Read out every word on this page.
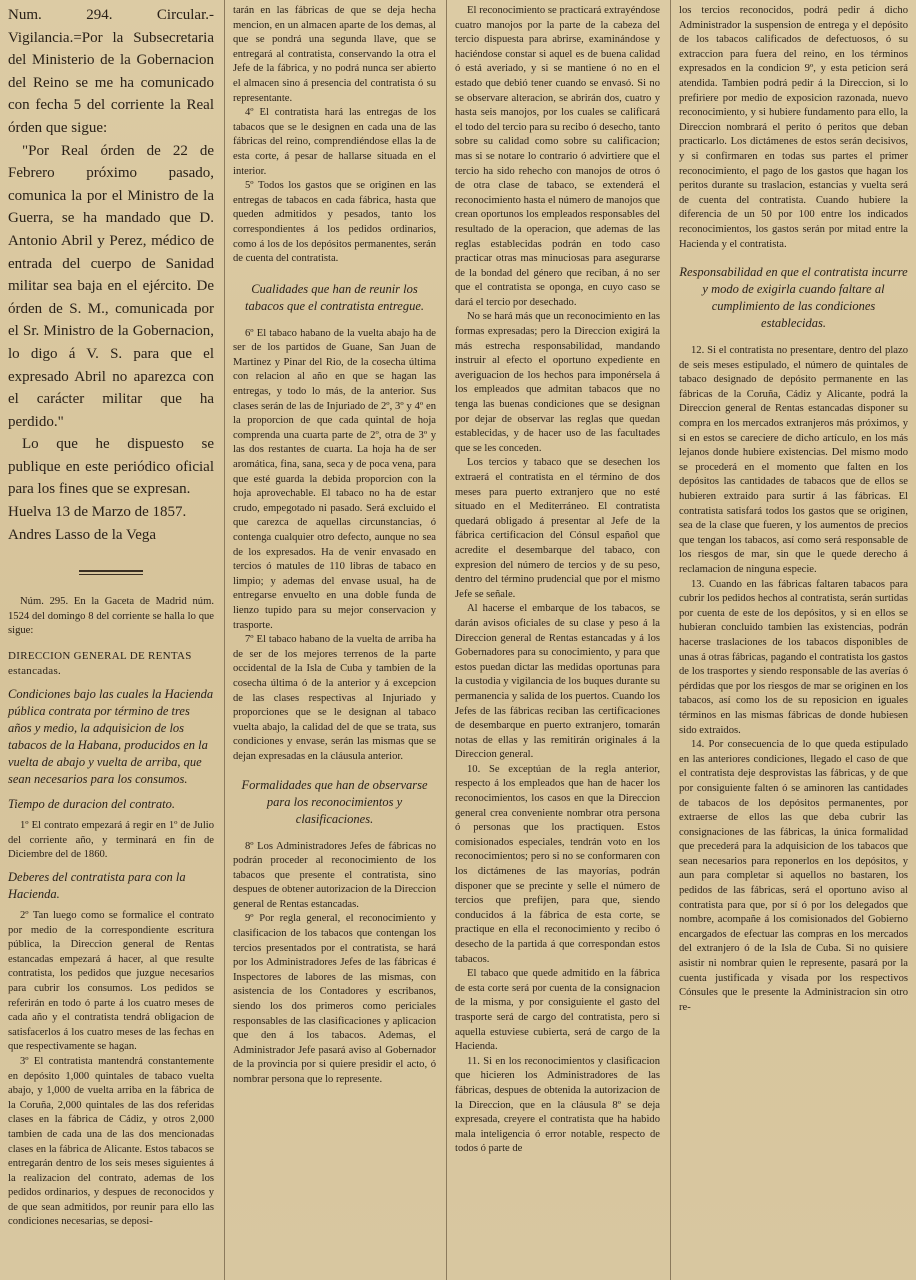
Num. 294. Circular.-Vigilancia.=Por la Subsecretaria del Ministerio de la Gobernacion del Reino se me ha comunicado con fecha 5 del corriente la Real órden que sigue:

"Por Real órden de 22 de Febrero próximo pasado, comunica la por el Ministro de la Guerra, se ha mandado que D. Antonio Abril y Perez, médico de entrada del cuerpo de Sanidad militar sea baja en el ejército. De órden de S. M., comunicada por el Sr. Ministro de la Gobernacion, lo digo á V. S. para que el expresado Abril no aparezca con el carácter militar que ha perdido."

Lo que he dispuesto se publique en este periódico oficial para los fines que se expresan.

Huelva 13 de Marzo de 1857.
Andres Lasso de la Vega

Núm. 295. En la Gaceta de Madrid núm. 1524 del domingo 8 del corriente se halla lo que sigue:

DIRECCION GENERAL DE RENTAS estancadas.

Condiciones bajo las cuales la Hacienda pública contrata por término de tres años y medio, la adquisicion de los tabacos de la Habana, producidos en la vuelta de abajo y vuelta de arriba, que sean necesarios para los consumos.

Tiempo de duracion del contrato.

1º El contrato empezará á regir en 1º de Julio del corriente año, y terminará en fin de Diciembre del de 1860.

Deberes del contratista para con la Hacienda.

2º Tan luego como se formalice el contrato por medio de la correspondiente escritura pública, la Direccion general de Rentas estancadas empezará á hacer, al que resulte contratista, los pedidos que juzgue necesarios para cubrir los consumos. Los pedidos se referirán en todo ó parte á los cuatro meses de cada año y el contratista tendrá obligacion de satisfacerlos á los cuatro meses de las fechas en que respectivamente se hagan.

3º El contratista mantendrá constantemente en depósito 1,000 quintales de tabaco vuelta abajo, y 1,000 de vuelta arriba en la fábrica de la Coruña, 2,000 quintales de las dos referidas clases en la fábrica de Cádiz, y otros 2,000 tambien de cada una de las dos mencionadas clases en la fábrica de Alicante. Estos tabacos se entregarán dentro de los seis meses siguientes á la realizacion del contrato, ademas de los pedidos ordinarios, y despues de reconocidos y de que sean admitidos, por reunir para ello las condiciones necesarias, se deposi-

tarán en las fábricas de que se deja hecha mencion, en un almacen aparte de los demas, al que se pondrá una segunda llave, que se entregará al contratista, conservando la otra el Jefe de la fábrica, y no podrá nunca ser abierto el almacen sino á presencia del contratista ó su representante.

4º El contratista hará las entregas de los tabacos que se le designen en cada una de las fábricas del reino, comprendiéndose ellas la de esta corte, á pesar de hallarse situada en el interior.

5º Todos los gastos que se originen en las entregas de tabacos en cada fábrica, hasta que queden admitidos y pesados, tanto los correspondientes á los pedidos ordinarios, como á los de los depósitos permanentes, serán de cuenta del contratista.

Cualidades que han de reunir los tabacos que el contratista entregue.

6º El tabaco habano de la vuelta abajo ha de ser de los partidos de Guane, San Juan de Martinez y Pinar del Rio, de la cosecha última con relacion al año en que se hagan las entregas, y todo lo más, de la anterior. Sus clases serán de las de Injuriado de 2º, 3º y 4º en la proporcion de que cada quintal de hoja comprenda una cuarta parte de 2º, otra de 3º y las dos restantes de cuarta. La hoja ha de ser aromática, fina, sana, seca y de poca vena, para que esté guarda la debida proporcion con la hoja aprovechable. El tabaco no ha de estar crudo, empegotado ni pasado. Será excluido el que carezca de aquellas circunstancias, ó contenga cualquier otro defecto, aunque no sea de los expresados. Ha de venir envasado en tercios ó matules de 110 libras de tabaco en limpio; y ademas del envase usual, ha de entregarse envuelto en una doble funda de lienzo tupido para su mejor conservacion y trasporte.

7º El tabaco habano de la vuelta de arriba ha de ser de los mejores terrenos de la parte occidental de la Isla de Cuba y tambien de la cosecha última ó de la anterior y á excepcion de las clases respectivas al Injuriado y proporciones que se le designan al tabaco vuelta abajo, la calidad del de que se trata, sus condiciones y envase, serán las mismas que se dejan expresadas en la cláusula anterior.

Formalidades que han de observarse para los reconocimientos y clasificaciones.

8º Los Administradores Jefes de fábricas no podrán proceder al reconocimiento de los tabacos que presente el contratista, sino despues de obtener autorizacion de la Direccion general de Rentas estancadas.

9º Por regla general, el reconocimiento y clasificacion de los tabacos que contengan los tercios presentados por el contratista, se hará por los Administradores Jefes de las fábricas é Inspectores de labores de las mismas, con asistencia de los Contadores y escribanos, siendo los dos primeros como periciales responsables de las clasificaciones y aplicacion que den á los tabacos. Ademas, el Administrador Jefe pasará aviso al Gobernador de la provincia por si quiere presidir el acto, ó nombrar persona que lo represente.

El reconocimiento se practicará extrayéndose cuatro manojos por la parte de la cabeza del tercio dispuesta para abrirse, examinándose y haciéndose constar si aquel es de buena calidad ó está averiado, y si se mantiene ó no en el estado que debió tener cuando se envasó. Si no se observare alteracion, se abrirán dos, cuatro y hasta seis manojos, por los cuales se calificará el todo del tercio para su recibo ó desecho, tanto sobre su calidad como sobre su calificacion; mas si se notare lo contrario ó advirtiere que el tercio ha sido rehecho con manojos de otros ó de otra clase de tabaco, se extenderá el reconocimiento hasta el número de manojos que crean oportunos los empleados responsables del resultado de la operacion, que ademas de las reglas establecidas podrán en todo caso practicar otras mas minuciosas para asegurarse de la bondad del género que reciban, á no ser que el contratista se oponga, en cuyo caso se dará el tercio por desechado.

No se hará más que un reconocimiento en las formas expresadas; pero la Direccion exigirá la más estrecha responsabilidad, mandando instruir al efecto el oportuno expediente en averiguacion de los hechos para imponérsela á los empleados que admitan tabacos que no tenga las buenas condiciones que se designan por dejar de observar las reglas que quedan establecidas, y de hacer uso de las facultades que se les conceden.

Los tercios y tabaco que se desechen los extraerá el contratista en el término de dos meses para puerto extranjero que no esté situado en el Mediterráneo. El contratista quedará obligado á presentar al Jefe de la fábrica certificacion del Cónsul español que acredite el desembarque del tabaco, con expresion del número de tercios y de su peso, dentro del término prudencial que por el mismo Jefe se señale.

Al hacerse el embarque de los tabacos, se darán avisos oficiales de su clase y peso á la Direccion general de Rentas estancadas y á los Gobernadores para su conocimiento, y para que estos puedan dictar las medidas oportunas para la custodia y vigilancia de los buques durante su permanencia y salida de los puertos. Cuando los Jefes de las fábricas reciban las certificaciones de desembarque en puerto extranjero, tomarán notas de ellas y las remitirán originales á la Direccion general.

10. Se exceptúan de la regla anterior, respecto á los empleados que han de hacer los reconocimientos, los casos en que la Direccion general crea conveniente nombrar otra persona ó personas que los practiquen. Estos comisionados especiales, tendrán voto en los reconocimientos; pero si no se conformaren con los dictámenes de las mayorías, podrán disponer que se precinte y selle el número de tercios que prefijen, para que, siendo conducidos á la fábrica de esta corte, se practique en ella el reconocimiento y recibo ó desecho de la partida á que correspondan estos tabacos.

El tabaco que quede admitido en la fábrica de esta corte será por cuenta de la consignacion de la misma, y por consiguiente el gasto del trasporte será de cargo del contratista, pero si aquella estuviese cubierta, será de cargo de la Hacienda.

11. Si en los reconocimientos y clasificacion que hicieren los Administradores de las fábricas, despues de obtenida la autorizacion de la Direccion, que en la cláusula 8º se deja expresada, creyere el contratista que ha habido mala inteligencia ó error notable, respecto de todos ó parte de

los tercios reconocidos, podrá pedir á dicho Administrador la suspension de entrega y el depósito de los tabacos calificados de defectuosos, ó su extraccion para fuera del reino, en los términos expresados en la condicion 9º, y esta peticion será atendida. Tambien podrá pedir á la Direccion, si lo prefiriere por medio de exposicion razonada, nuevo reconocimiento, y si hubiere fundamento para ello, la Direccion nombrará el perito ó peritos que deban practicarlo. Los dictámenes de estos serán decisivos, y si confirmaren en todas sus partes el primer reconocimiento, el pago de los gastos que hagan los peritos durante su traslacion, estancias y vuelta será de cuenta del contratista. Cuando hubiere la diferencia de un 50 por 100 entre los indicados reconocimientos, los gastos serán por mitad entre la Hacienda y el contratista.

Responsabilidad en que el contratista incurre y modo de exigirla cuando faltare al cumplimiento de las condiciones establecidas.

12. Si el contratista no presentare, dentro del plazo de seis meses estipulado, el número de quintales de tabaco designado de depósito permanente en las fábricas de la Coruña, Cádiz y Alicante, podrá la Direccion general de Rentas estancadas disponer su compra en los mercados extranjeros más próximos, y si en estos se careciere de dicho artículo, en los más lejanos donde hubiere existencias. Del mismo modo se procederá en el momento que falten en los depósitos las cantidades de tabacos que de ellos se hubieren extraido para surtir á las fábricas. El contratista satisfará todos los gastos que se originen, sea de la clase que fueren, y los aumentos de precios que tengan los tabacos, así como será responsable de los riesgos de mar, sin que le quede derecho á reclamacion de ninguna especie.

13. Cuando en las fábricas faltaren tabacos para cubrir los pedidos hechos al contratista, serán surtidas por cuenta de este de los depósitos, y si en ellos se hubieran concluido tambien las existencias, podrán hacerse traslaciones de los tabacos disponibles de unas á otras fábricas, pagando el contratista los gastos de los trasportes y siendo responsable de las averías ó pérdidas que por los riesgos de mar se originen en los tabacos, así como los de su reposicion en iguales términos en las mismas fábricas de donde hubiesen sido extraidos.

14. Por consecuencia de lo que queda estipulado en las anteriores condiciones, llegado el caso de que el contratista deje desprovistas las fábricas, y de que por consiguiente falten ó se aminoren las cantidades de tabacos de los depósitos permanentes, por extraerse de ellos las que deba cubrir las consignaciones de las fábricas, la única formalidad que precederá para la adquisicion de los tabacos que sean necesarios para reponerlos en los depósitos, y aun para completar si aquellos no bastaren, los pedidos de las fábricas, será el oportuno aviso al contratista para que, por sí ó por los delegados que nombre, acompañe á los comisionados del Gobierno encargados de efectuar las compras en los mercados del extranjero ó de la Isla de Cuba. Si no quisiere asistir ni nombrar quien le represente, pasará por la cuenta justificada y visada por los respectivos Cónsules que le presente la Administracion sin otro re-
